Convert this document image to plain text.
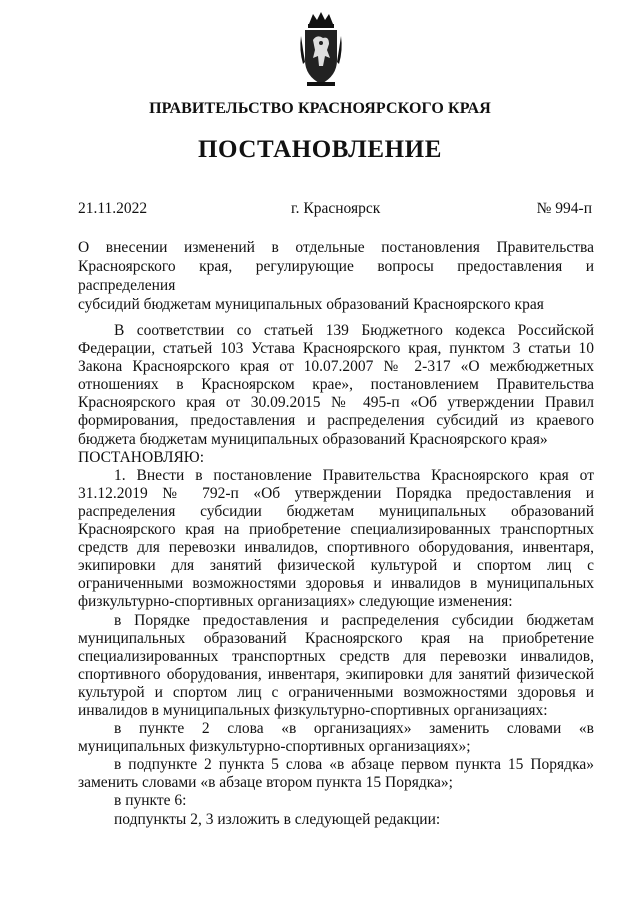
ПРАВИТЕЛЬСТВО КРАСНОЯРСКОГО КРАЯ
ПОСТАНОВЛЕНИЕ
21.11.2022	г. Красноярск	№ 994-п
О внесении изменений в отдельные постановления Правительства
Красноярского края, регулирующие вопросы предоставления и распределения
субсидий бюджетам муниципальных образований Красноярского края

В соответствии со статьей 139 Бюджетного кодекса Российской Федерации, статьей 103 Устава Красноярского края, пунктом 3 статьи 10 Закона Красноярского края от 10.07.2007 № 2-317 «О межбюджетных отношениях в Красноярском крае», постановлением Правительства Красноярского края от 30.09.2015 № 495-п «Об утверждении Правил формирования, предоставления и распределения субсидий из краевого бюджета бюджетам муниципальных образований Красноярского края»

ПОСТАНОВЛЯЮ:

1. Внести в постановление Правительства Красноярского края от 31.12.2019 № 792-п «Об утверждении Порядка предоставления и распределения субсидии бюджетам муниципальных образований Красноярского края на приобретение специализированных транспортных средств для перевозки инвалидов, спортивного оборудования, инвентаря, экипировки для занятий физической культурой и спортом лиц с ограниченными возможностями здоровья и инвалидов в муниципальных физкультурно-спортивных организациях» следующие изменения:

в Порядке предоставления и распределения субсидии бюджетам муниципальных образований Красноярского края на приобретение специализированных транспортных средств для перевозки инвалидов, спортивного оборудования, инвентаря, экипировки для занятий физической культурой и спортом лиц с ограниченными возможностями здоровья и инвалидов в муниципальных физкультурно-спортивных организациях:

в пункте 2 слова «в организациях» заменить словами «в муниципальных физкультурно-спортивных организациях»;

в подпункте 2 пункта 5 слова «в абзаце первом пункта 15 Порядка» заменить словами «в абзаце втором пункта 15 Порядка»;

в пункте 6:

подпункты 2, 3 изложить в следующей редакции:
